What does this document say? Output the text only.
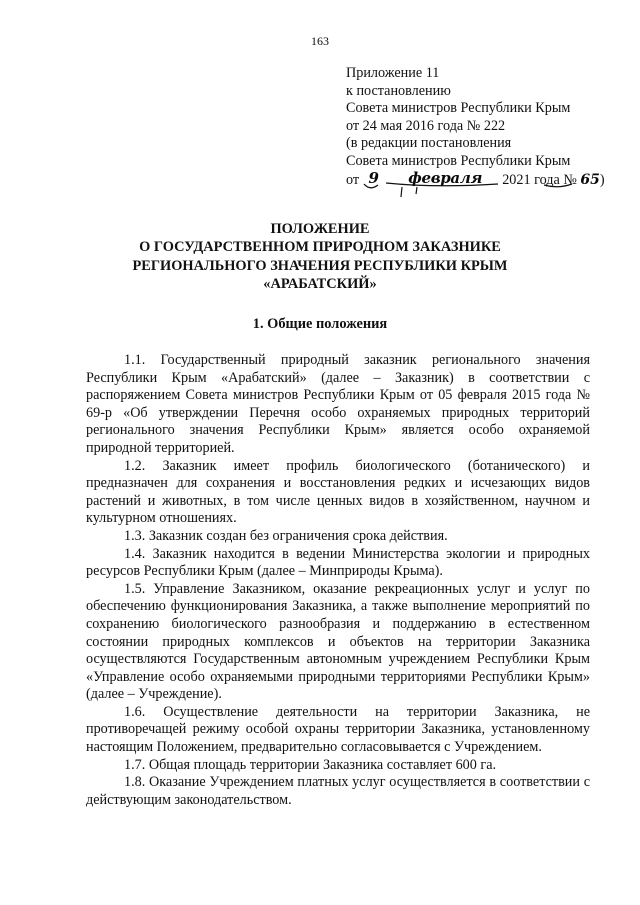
163
Приложение 11
к постановлению
Совета министров Республики Крым
от 24 мая 2016 года № 222
(в редакции постановления
Совета министров Республики Крым
от 9 февраля 2021 года № 65)
ПОЛОЖЕНИЕ
О ГОСУДАРСТВЕННОМ ПРИРОДНОМ ЗАКАЗНИКЕ
РЕГИОНАЛЬНОГО ЗНАЧЕНИЯ РЕСПУБЛИКИ КРЫМ
«АРАБАТСКИЙ»
1. Общие положения

1.1. Государственный природный заказник регионального значения Республики Крым «Арабатский» (далее – Заказник) в соответствии с распоряжением Совета министров Республики Крым от 05 февраля 2015 года № 69-р «Об утверждении Перечня особо охраняемых природных территорий регионального значения Республики Крым» является особо охраняемой природной территорией.

1.2. Заказник имеет профиль биологического (ботанического) и предназначен для сохранения и восстановления редких и исчезающих видов растений и животных, в том числе ценных видов в хозяйственном, научном и культурном отношениях.

1.3. Заказник создан без ограничения срока действия.

1.4. Заказник находится в ведении Министерства экологии и природных ресурсов Республики Крым (далее – Минприроды Крыма).

1.5. Управление Заказником, оказание рекреационных услуг и услуг по обеспечению функционирования Заказника, а также выполнение мероприятий по сохранению биологического разнообразия и поддержанию в естественном состоянии природных комплексов и объектов на территории Заказника осуществляются Государственным автономным учреждением Республики Крым «Управление особо охраняемыми природными территориями Республики Крым» (далее – Учреждение).

1.6. Осуществление деятельности на территории Заказника, не противоречащей режиму особой охраны территории Заказника, установленному настоящим Положением, предварительно согласовывается с Учреждением.

1.7. Общая площадь территории Заказника составляет 600 га.

1.8. Оказание Учреждением платных услуг осуществляется в соответствии с действующим законодательством.
